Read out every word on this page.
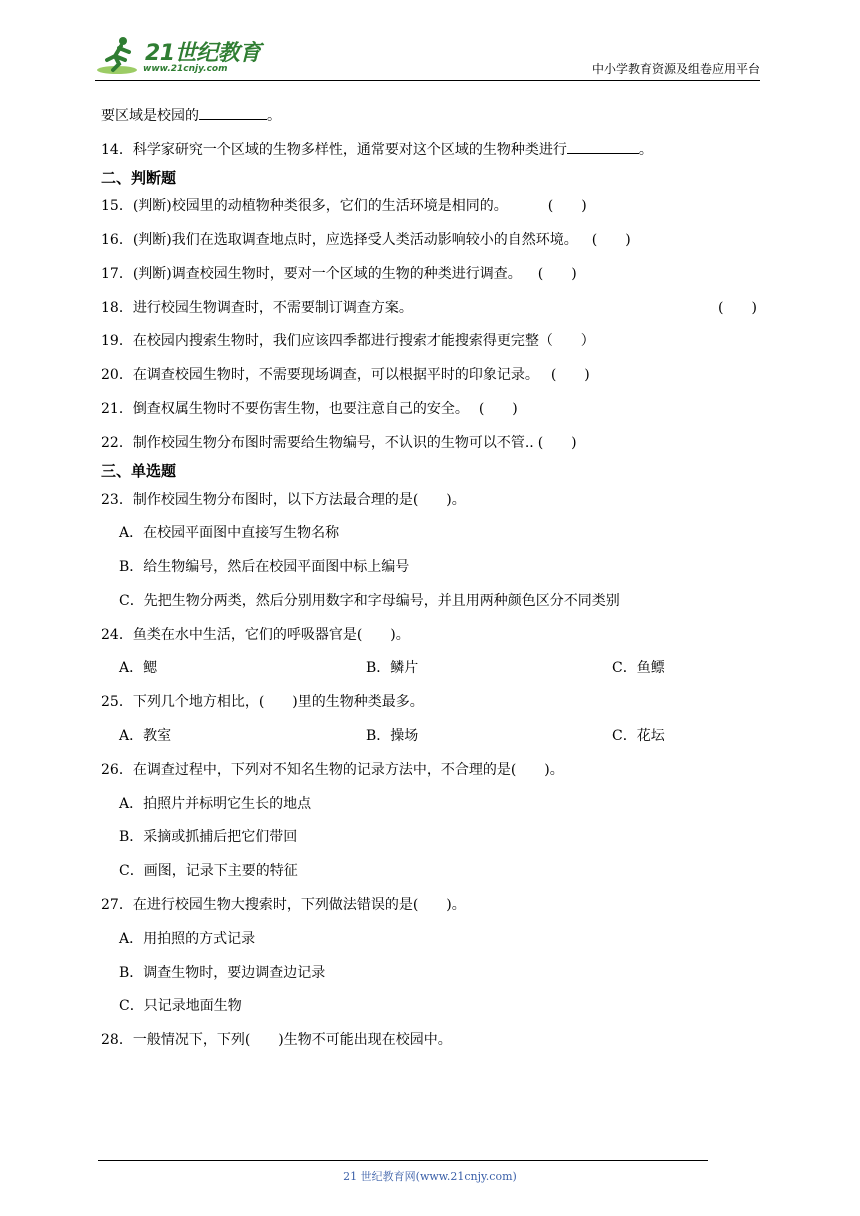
21世纪教育
www.21cnjy.com	中小学教育资源及组卷应用平台
要区域是校园的	。
14．科学家研究一个区域的生物多样性，通常要对这个区域的生物种类进行	。
二、判断题
15．(判断)校园里的动植物种类很多，它们的生活环境是相同的。	(　　)
16．(判断)我们在选取调查地点时，应选择受人类活动影响较小的自然环境。 (　　)
17．(判断)调查校园生物时，要对一个区域的生物的种类进行调查。 (　　)
18．进行校园生物调查时，不需要制订调查方案。	(　　)
19．在校园内搜索生物时，我们应该四季都进行搜索才能搜索得更完整（　　）
20．在调查校园生物时，不需要现场调查，可以根据平时的印象记录。 (　　)
21．倒查权属生物时不要伤害生物，也要注意自己的安全。 (　　)
22．制作校园生物分布图时需要给生物编号，不认识的生物可以不管.. (　　)
三、单选题
23．制作校园生物分布图时，以下方法最合理的是(　　)。
A．在校园平面图中直接写生物名称
B．给生物编号，然后在校园平面图中标上编号
C．先把生物分两类，然后分别用数字和字母编号，并且用两种颜色区分不同类别
24．鱼类在水中生活，它们的呼吸器官是(　　)。
A．鳃	B．鳞片	C．鱼鳔
25．下列几个地方相比，(　　)里的生物种类最多。
A．教室	B．操场	C．花坛
26．在调查过程中，下列对不知名生物的记录方法中，不合理的是(　　)。
A．拍照片并标明它生长的地点
B．采摘或抓捕后把它们带回
C．画图，记录下主要的特征
27．在进行校园生物大搜索时，下列做法错误的是(　　)。
A．用拍照的方式记录
B．调查生物时，要边调查边记录
C．只记录地面生物
28．一般情况下，下列(　　)生物不可能出现在校园中。
21 世纪教育网(www.21cnjy.com)
